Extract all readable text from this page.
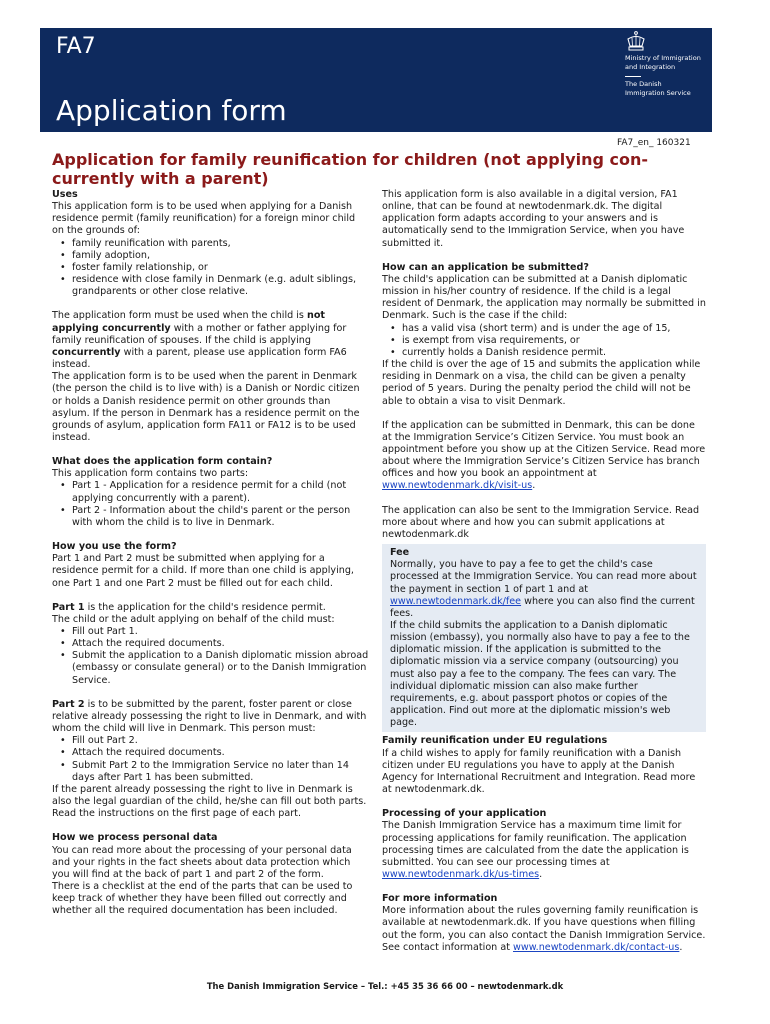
FA7
Application form
Ministry of Immigration
and Integration
The Danish
Immigration Service
FA7_en_ 160321
Application for family reunification for children (not applying con-currently with a parent)
Uses

This application form is to be used when applying for a Danish residence permit (family reunification) for a foreign minor child on the grounds of:

• family reunification with parents,
• family adoption,
• foster family relationship, or
• residence with close family in Denmark (e.g. adult siblings, grandparents or other close relative.

The application form must be used when the child is not applying concurrently with a mother or father applying for family reunification of spouses. If the child is applying concurrently with a parent, please use application form FA6 instead.

The application form is to be used when the parent in Denmark (the person the child is to live with) is a Danish or Nordic citizen or holds a Danish residence permit on other grounds than asylum. If the person in Denmark has a residence permit on the grounds of asylum, application form FA11 or FA12 is to be used instead.

What does the application form contain?

This application form contains two parts:

• Part 1 - Application for a residence permit for a child (not applying concurrently with a parent).
• Part 2 - Information about the child's parent or the person with whom the child is to live in Denmark.
How you use the form?

Part 1 and Part 2 must be submitted when applying for a residence permit for a child. If more than one child is applying, one Part 1 and one Part 2 must be filled out for each child.

Part 1 is the application for the child's residence permit.

The child or the adult applying on behalf of the child must:

• Fill out Part 1.
• Attach the required documents.
• Submit the application to a Danish diplomatic mission abroad (embassy or consulate general) or to the Danish Immigration Service.

Part 2 is to be submitted by the parent, foster parent or close relative already possessing the right to live in Denmark, and with whom the child will live in Denmark. This person must:

• Fill out Part 2.
• Attach the required documents.
• Submit Part 2 to the Immigration Service no later than 14 days after Part 1 has been submitted.

If the parent already possessing the right to live in Denmark is also the legal guardian of the child, he/she can fill out both parts.

Read the instructions on the first page of each part.

How we process personal data

You can read more about the processing of your personal data and your rights in the fact sheets about data protection which you will find at the back of part 1 and part 2 of the form.

There is a checklist at the end of the parts that can be used to keep track of whether they have been filled out correctly and whether all the required documentation has been included.

This application form is also available in a digital version, FA1 online, that can be found at newtodenmark.dk. The digital application form adapts according to your answers and is automatically send to the Immigration Service, when you have submitted it.

How can an application be submitted?

The child's application can be submitted at a Danish diplomatic mission in his/her country of residence. If the child is a legal resident of Denmark, the application may normally be submitted in Denmark. Such is the case if the child:

• has a valid visa (short term) and is under the age of 15,
• is exempt from visa requirements, or
• currently holds a Danish residence permit.

If the child is over the age of 15 and submits the application while residing in Denmark on a visa, the child can be given a penalty period of 5 years. During the penalty period the child will not be able to obtain a visa to visit Denmark.

If the application can be submitted in Denmark, this can be done at the Immigration Service’s Citizen Service. You must book an appointment before you show up at the Citizen Service. Read more about where the Immigration Service’s Citizen Service has branch offices and how you book an appointment at www.newtodenmark.dk/visit-us.

The application can also be sent to the Immigration Service. Read more about where and how you can submit applications at newtodenmark.dk

Fee

Normally, you have to pay a fee to get the child's case processed at the Immigration Service. You can read more about the payment in section 1 of part 1 and at www.newtodenmark.dk/fee where you can also find the current fees.

If the child submits the application to a Danish diplomatic mission (embassy), you normally also have to pay a fee to the diplomatic mission. If the application is submitted to the diplomatic mission via a service company (outsourcing) you must also pay a fee to the company. The fees can vary. The individual diplomatic mission can also make further requirements, e.g. about passport photos or copies of the application. Find out more at the diplomatic mission's web page.

Family reunification under EU regulations

If a child wishes to apply for family reunification with a Danish citizen under EU regulations you have to apply at the Danish Agency for International Recruitment and Integration. Read more at newtodenmark.dk.

Processing of your application

The Danish Immigration Service has a maximum time limit for processing applications for family reunification. The application processing times are calculated from the date the application is submitted. You can see our processing times at www.newtodenmark.dk/us-times.

For more information

More information about the rules governing family reunification is available at newtodenmark.dk. If you have questions when filling out the form, you can also contact the Danish Immigration Service. See contact information at www.newtodenmark.dk/contact-us.

The Danish Immigration Service – Tel.: +45 35 36 66 00 – newtodenmark.dk
